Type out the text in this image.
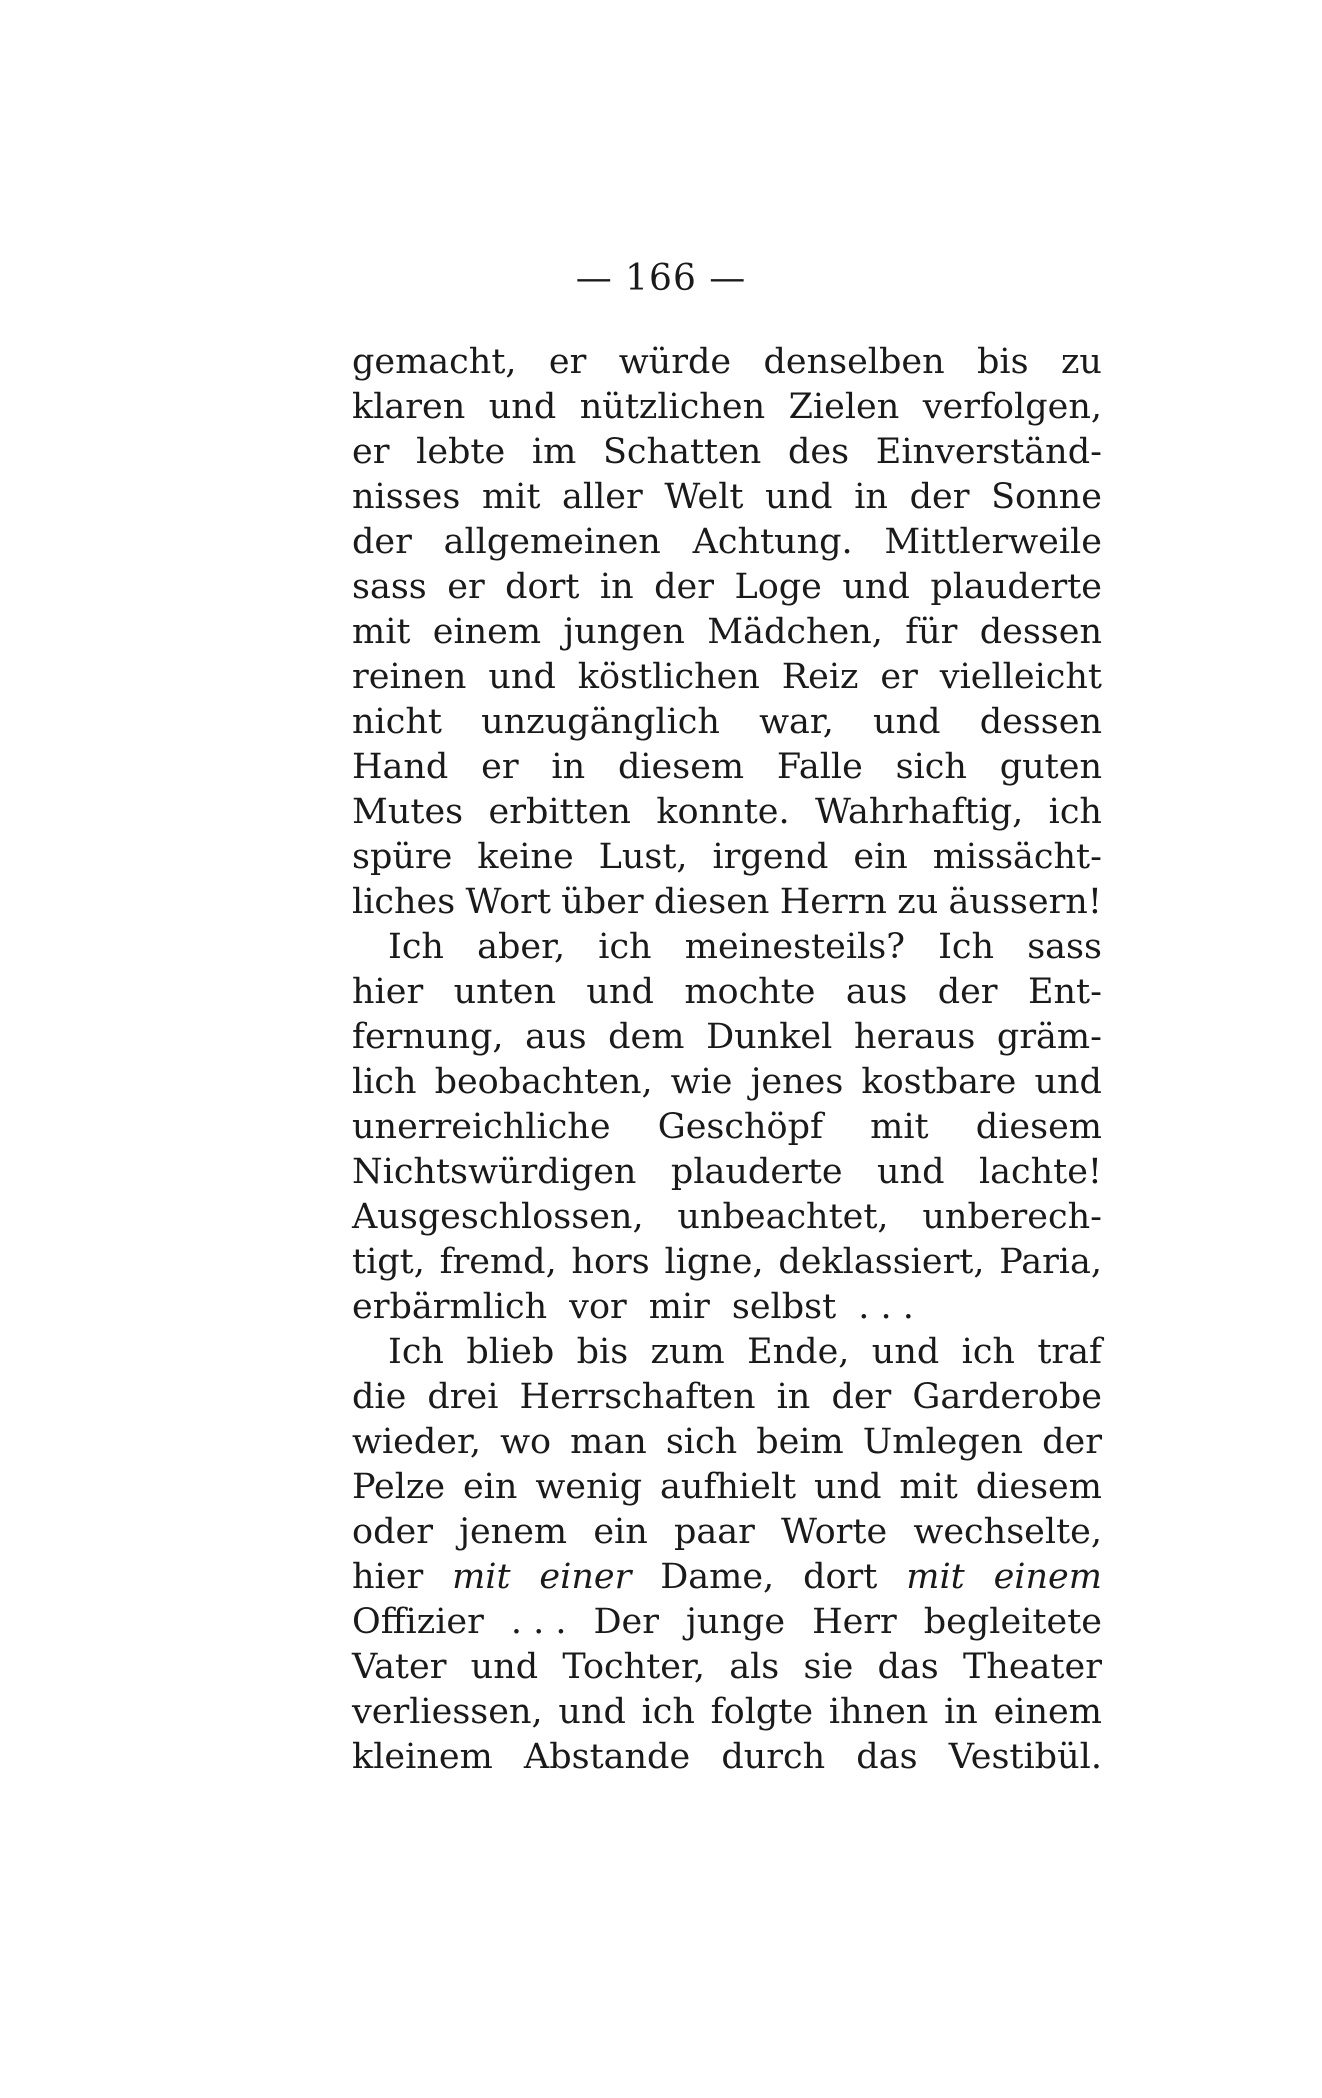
— 166 —
gemacht, er würde denselben bis zu
klaren und nützlichen Zielen verfolgen,
er lebte im Schatten des Einverständ-
nisses mit aller Welt und in der Sonne
der allgemeinen Achtung. Mittlerweile
sass er dort in der Loge und plauderte
mit einem jungen Mädchen, für dessen
reinen und köstlichen Reiz er vielleicht
nicht unzugänglich war, und dessen
Hand er in diesem Falle sich guten
Mutes erbitten konnte. Wahrhaftig, ich
spüre keine Lust, irgend ein missächt-
liches Wort über diesen Herrn zu äussern!
Ich aber, ich meinesteils? Ich sass
hier unten und mochte aus der Ent-
fernung, aus dem Dunkel heraus gräm-
lich beobachten, wie jenes kostbare und
unerreichliche Geschöpf mit diesem
Nichtswürdigen plauderte und lachte!
Ausgeschlossen, unbeachtet, unberech-
tigt, fremd, hors ligne, deklassiert, Paria,
erbärmlich vor mir selbst . . .
Ich blieb bis zum Ende, und ich traf
die drei Herrschaften in der Garderobe
wieder, wo man sich beim Umlegen der
Pelze ein wenig aufhielt und mit diesem
oder jenem ein paar Worte wechselte,
hier mit einer Dame, dort mit einem
Offizier . . . Der junge Herr begleitete
Vater und Tochter, als sie das Theater
verliessen, und ich folgte ihnen in einem
kleinem Abstande durch das Vestibül.
